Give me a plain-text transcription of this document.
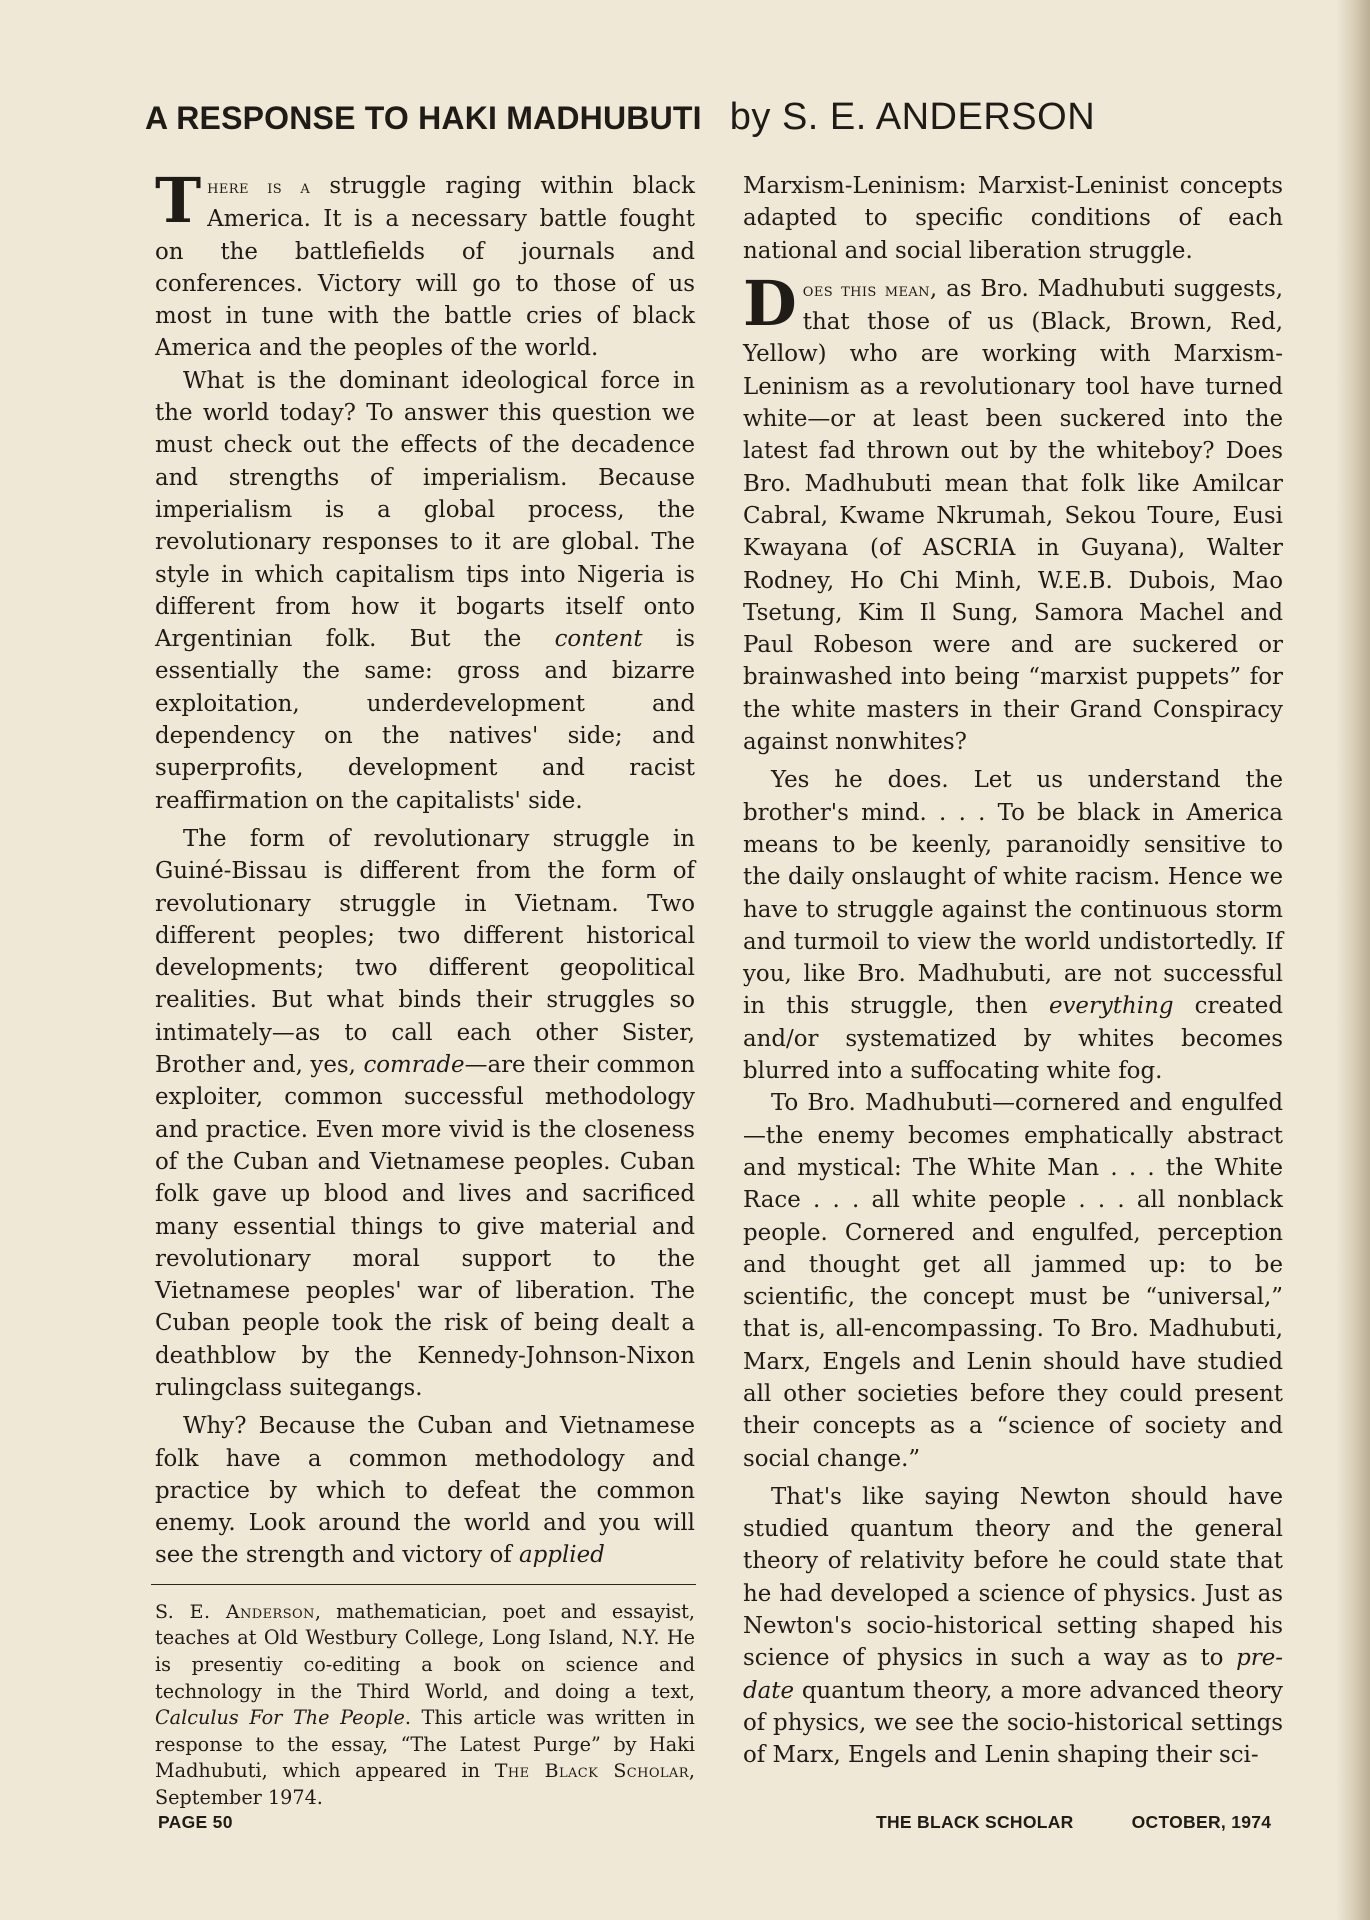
A RESPONSE TO HAKI MADHUBUTI by S. E. ANDERSON

There is a struggle raging within black America. It is a necessary battle fought on the battlefields of journals and conferences. Victory will go to those of us most in tune with the battle cries of black America and the peoples of the world.

What is the dominant ideological force in the world today? To answer this question we must check out the effects of the decadence and strengths of imperialism. Because imperialism is a global process, the revolutionary responses to it are global. The style in which capitalism tips into Nigeria is different from how it bogarts itself onto Argentinian folk. But the content is essentially the same: gross and bizarre exploitation, underdevelopment and dependency on the natives' side; and superprofits, development and racist reaffirmation on the capitalists' side.

The form of revolutionary struggle in Guiné-Bissau is different from the form of revolutionary struggle in Vietnam. Two different peoples; two different historical developments; two different geopolitical realities. But what binds their struggles so intimately—as to call each other Sister, Brother and, yes, comrade—are their common exploiter, common successful methodology and practice. Even more vivid is the closeness of the Cuban and Vietnamese peoples. Cuban folk gave up blood and lives and sacrificed many essential things to give material and revolutionary moral support to the Vietnamese peoples' war of liberation. The Cuban people took the risk of being dealt a deathblow by the Kennedy-Johnson-Nixon rulingclass suitegangs.

Why? Because the Cuban and Vietnamese folk have a common methodology and practice by which to defeat the common enemy. Look around the world and you will see the strength and victory of applied

S. E. Anderson, mathematician, poet and essayist, teaches at Old Westbury College, Long Island, N.Y. He is presentiy co-editing a book on science and technology in the Third World, and doing a text, Calculus For The People. This article was written in response to the essay, “The Latest Purge” by Haki Madhubuti, which appeared in The Black Scholar, September 1974.

Marxism-Leninism: Marxist-Leninist concepts adapted to specific conditions of each national and social liberation struggle.

Does this mean, as Bro. Madhubuti suggests, that those of us (Black, Brown, Red, Yellow) who are working with Marxism-Leninism as a revolutionary tool have turned white—or at least been suckered into the latest fad thrown out by the whiteboy? Does Bro. Madhubuti mean that folk like Amilcar Cabral, Kwame Nkrumah, Sekou Toure, Eusi Kwayana (of ASCRIA in Guyana), Walter Rodney, Ho Chi Minh, W.E.B. Dubois, Mao Tsetung, Kim Il Sung, Samora Machel and Paul Robeson were and are suckered or brainwashed into being “marxist puppets” for the white masters in their Grand Conspiracy against nonwhites?

Yes he does. Let us understand the brother's mind. . . . To be black in America means to be keenly, paranoidly sensitive to the daily onslaught of white racism. Hence we have to struggle against the continuous storm and turmoil to view the world undistortedly. If you, like Bro. Madhubuti, are not successful in this struggle, then everything created and/or systematized by whites becomes blurred into a suffocating white fog.

To Bro. Madhubuti—cornered and engulfed—the enemy becomes emphatically abstract and mystical: The White Man . . . the White Race . . . all white people . . . all nonblack people. Cornered and engulfed, perception and thought get all jammed up: to be scientific, the concept must be “universal,” that is, all-encompassing. To Bro. Madhubuti, Marx, Engels and Lenin should have studied all other societies before they could present their concepts as a “science of society and social change.”

That's like saying Newton should have studied quantum theory and the general theory of relativity before he could state that he had developed a science of physics. Just as Newton's socio-historical setting shaped his science of physics in such a way as to pre-date quantum theory, a more advanced theory of physics, we see the socio-historical settings of Marx, Engels and Lenin shaping their sci-

PAGE 50	THE BLACK SCHOLAR	OCTOBER, 1974
